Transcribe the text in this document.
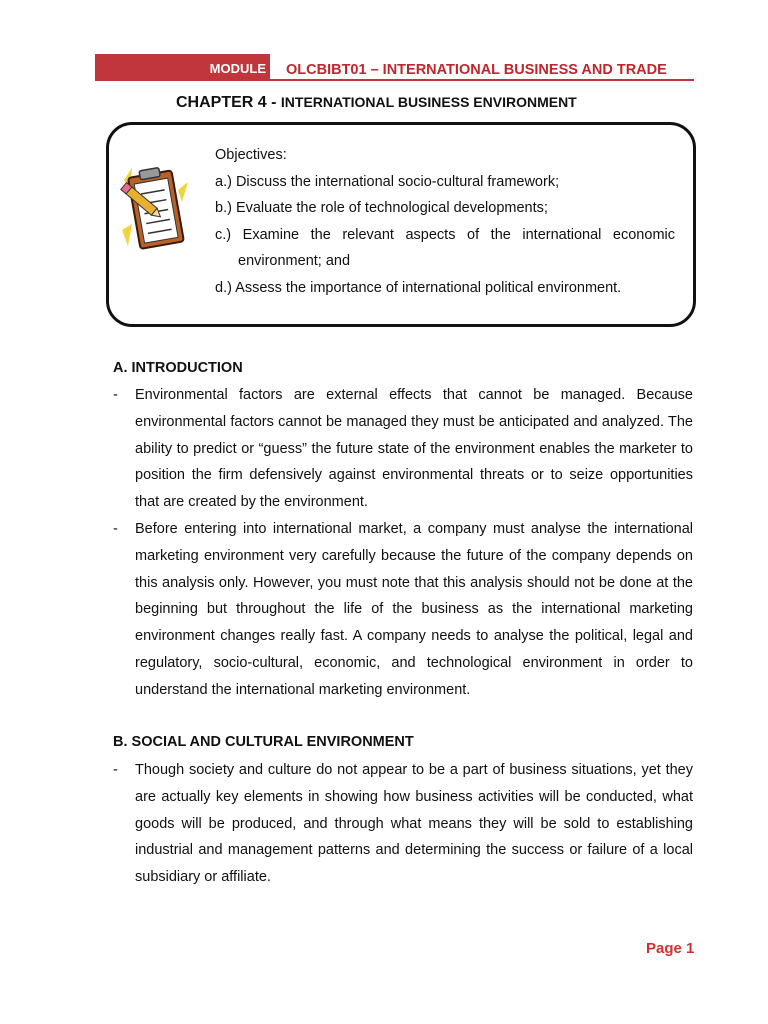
MODULE OLCBIBT01 – INTERNATIONAL BUSINESS AND TRADE
CHAPTER 4 - INTERNATIONAL BUSINESS ENVIRONMENT

Objectives:

a.) Discuss the international socio-cultural framework;

b.) Evaluate the role of technological developments;

c.) Examine the relevant aspects of the international economic

environment; and

d.) Assess the importance of international political environment.

A. INTRODUCTION
- Environmental factors are external effects that cannot be managed. Because environmental factors cannot be managed they must be anticipated and analyzed. The ability to predict or “guess” the future state of the environment enables the marketer to position the firm defensively against environmental threats or to seize opportunities that are created by the environment.
- Before entering into international market, a company must analyse the international marketing environment very carefully because the future of the company depends on this analysis only. However, you must note that this analysis should not be done at the beginning but throughout the life of the business as the international marketing environment changes really fast. A company needs to analyse the political, legal and regulatory, socio-cultural, economic, and technological environment in order to understand the international marketing environment.
B. SOCIAL AND CULTURAL ENVIRONMENT
- Though society and culture do not appear to be a part of business situations, yet they are actually key elements in showing how business activities will be conducted, what goods will be produced, and through what means they will be sold to establishing industrial and management patterns and determining the success or failure of a local subsidiary or affiliate.
Page 1
